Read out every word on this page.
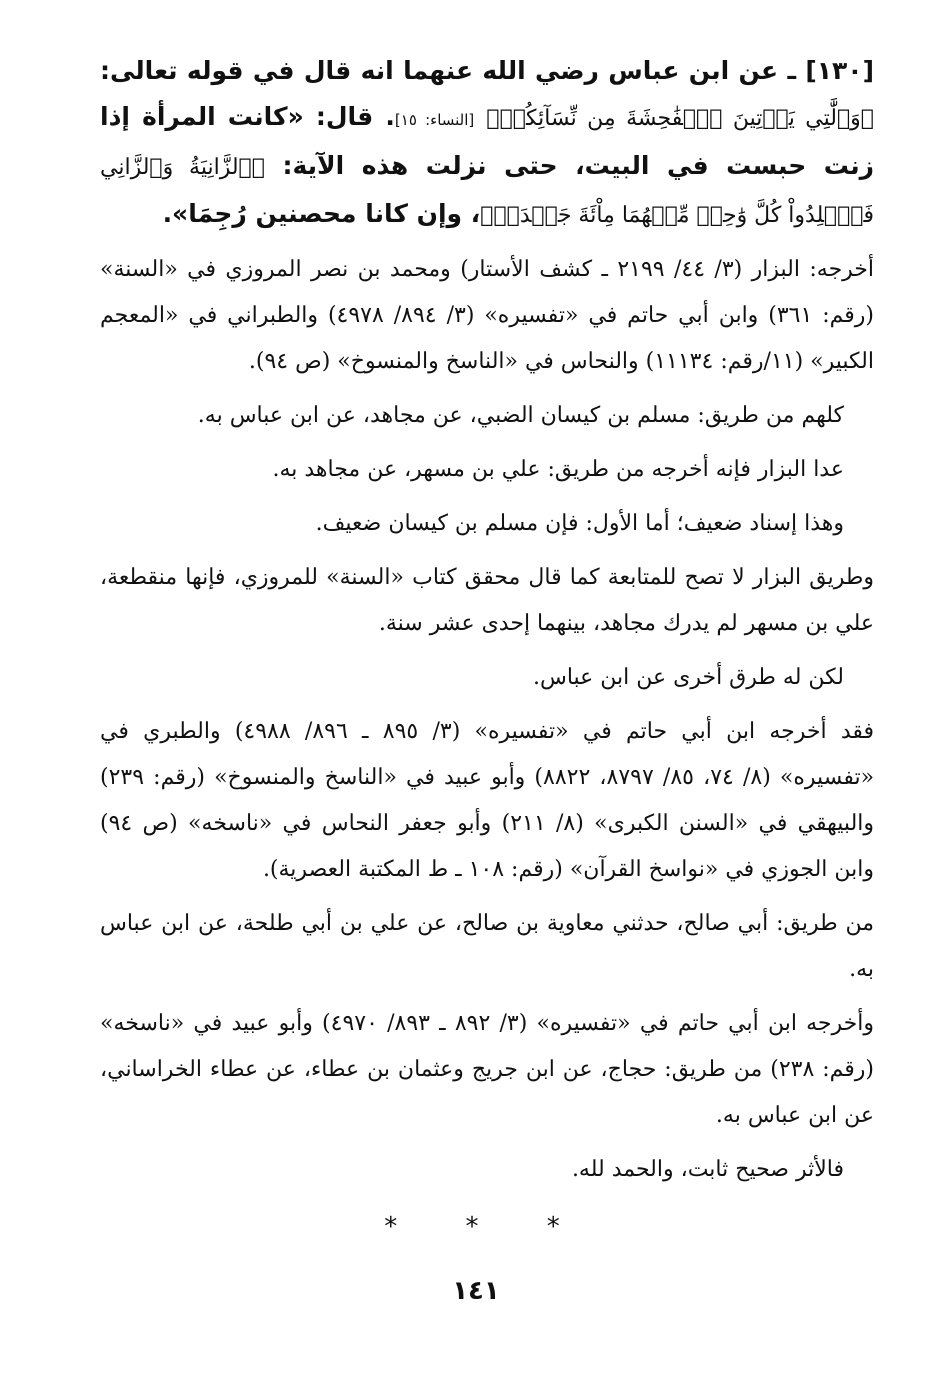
[١٣٠] ـ عن ابن عباس رضي الله عنهما انه قال في قوله تعالى: ﴿وَٱلَّٰتِي يَأۡتِينَ ٱلۡفَٰحِشَةَ مِن نِّسَآئِكُمۡ﴾ [النساء: ١٥]. قال: «كانت المرأة إذا زنت حبست في البيت، حتى نزلت هذه الآية: ﴿ٱلزَّانِيَةُ وَٱلزَّانِي فَٱجۡلِدُواْ كُلَّ وَٰحِدٖ مِّنۡهُمَا مِاْئَةَ جَلۡدَةٖ﴾، وإن كانا محصنين رُجِمَا».

أخرجه: البزار (٣/ ٤٤/ ٢١٩٩ ـ كشف الأستار) ومحمد بن نصر المروزي في «السنة» (رقم: ٣٦١) وابن أبي حاتم في «تفسيره» (٣/ ٨٩٤/ ٤٩٧٨) والطبراني في «المعجم الكبير» (١١/رقم: ١١١٣٤) والنحاس في «الناسخ والمنسوخ» (ص ٩٤).

كلهم من طريق: مسلم بن كيسان الضبي، عن مجاهد، عن ابن عباس به.

عدا البزار فإنه أخرجه من طريق: علي بن مسهر، عن مجاهد به.

وهذا إسناد ضعيف؛ أما الأول: فإن مسلم بن كيسان ضعيف.

وطريق البزار لا تصح للمتابعة كما قال محقق كتاب «السنة» للمروزي، فإنها منقطعة، علي بن مسهر لم يدرك مجاهد، بينهما إحدى عشر سنة.

لكن له طرق أخرى عن ابن عباس.

فقد أخرجه ابن أبي حاتم في «تفسيره» (٣/ ٨٩٥ ـ ٨٩٦/ ٤٩٨٨) والطبري في «تفسيره» (٨/ ٧٤، ٨٥/ ٨٧٩٧، ٨٨٢٢) وأبو عبيد في «الناسخ والمنسوخ» (رقم: ٢٣٩) والبيهقي في «السنن الكبرى» (٨/ ٢١١) وأبو جعفر النحاس في «ناسخه» (ص ٩٤) وابن الجوزي في «نواسخ القرآن» (رقم: ١٠٨ ـ ط المكتبة العصرية).

من طريق: أبي صالح، حدثني معاوية بن صالح، عن علي بن أبي طلحة، عن ابن عباس به.

وأخرجه ابن أبي حاتم في «تفسيره» (٣/ ٨٩٢ ـ ٨٩٣/ ٤٩٧٠) وأبو عبيد في «ناسخه» (رقم: ٢٣٨) من طريق: حجاج، عن ابن جريج وعثمان بن عطاء، عن عطاء الخراساني، عن ابن عباس به.

فالأثر صحيح ثابت، والحمد لله.

* * *
١٤١
